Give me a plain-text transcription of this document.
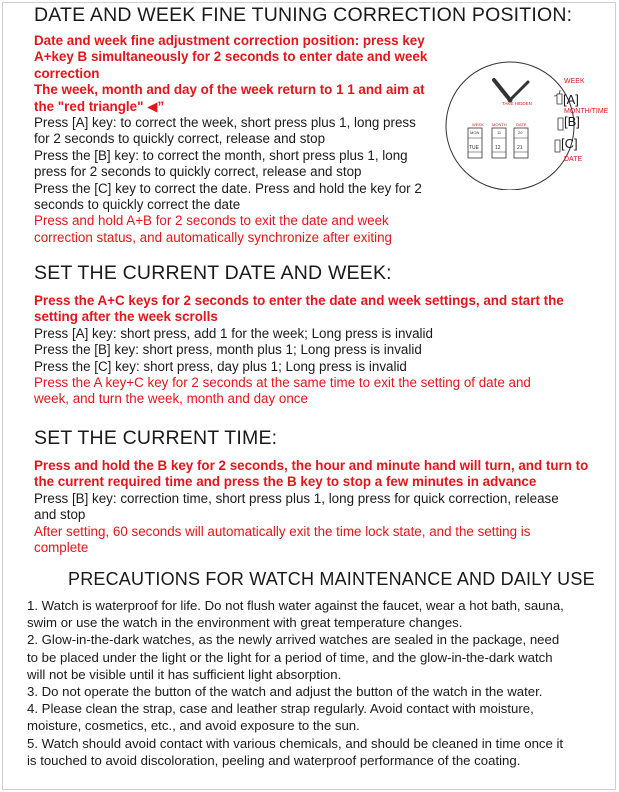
DATE AND WEEK FINE TUNING CORRECTION POSITION:

Date and week fine adjustment correction position: press key

A+key B simultaneously for 2 seconds to enter date and week

correction

The week, month and day of the week return to 1 1 and aim at

the "red triangle" ◀”

Press [A] key: to correct the week, short press plus 1, long press

for 2 seconds to quickly correct, release and stop

Press the [B] key: to correct the month, short press plus 1, long

press for 2 seconds to quickly correct, release and stop

Press the [C] key to correct the date. Press and hold the key for 2

seconds to quickly correct the date

Press and hold A+B for 2 seconds to exit the date and week

correction status, and automatically synchronize after exiting

TAKE HIDDEN
WEEK MONTH DATE
MON	11	20
TUE	12	21
WEEK
[A]
MONTH/TIME
[B]
[C]
DATE
SET THE CURRENT DATE AND WEEK:

Press the A+C keys for 2 seconds to enter the date and week settings, and start the

setting after the week scrolls

Press [A] key: short press, add 1 for the week; Long press is invalid

Press the [B] key: short press, month plus 1; Long press is invalid

Press the [C] key: short press, day plus 1; Long press is invalid

Press the A key+C key for 2 seconds at the same time to exit the setting of date and

week, and turn the week, month and day once

SET THE CURRENT TIME:

Press and hold the B key for 2 seconds, the hour and minute hand will turn, and turn to

the current required time and press the B key to stop a few minutes in advance

Press [B] key: correction time, short press plus 1, long press for quick correction, release

and stop

After setting, 60 seconds will automatically exit the time lock state, and the setting is

complete

PRECAUTIONS FOR WATCH MAINTENANCE AND DAILY USE

1. Watch is waterproof for life. Do not flush water against the faucet, wear a hot bath, sauna,

swim or use the watch in the environment with great temperature changes.

2. Glow-in-the-dark watches, as the newly arrived watches are sealed in the package, need

to be placed under the light or the light for a period of time, and the glow-in-the-dark watch

will not be visible until it has sufficient light absorption.

3. Do not operate the button of the watch and adjust the button of the watch in the water.

4. Please clean the strap, case and leather strap regularly. Avoid contact with moisture,

moisture, cosmetics, etc., and avoid exposure to the sun.

5. Watch should avoid contact with various chemicals, and should be cleaned in time once it

is touched to avoid discoloration, peeling and waterproof performance of the coating.
